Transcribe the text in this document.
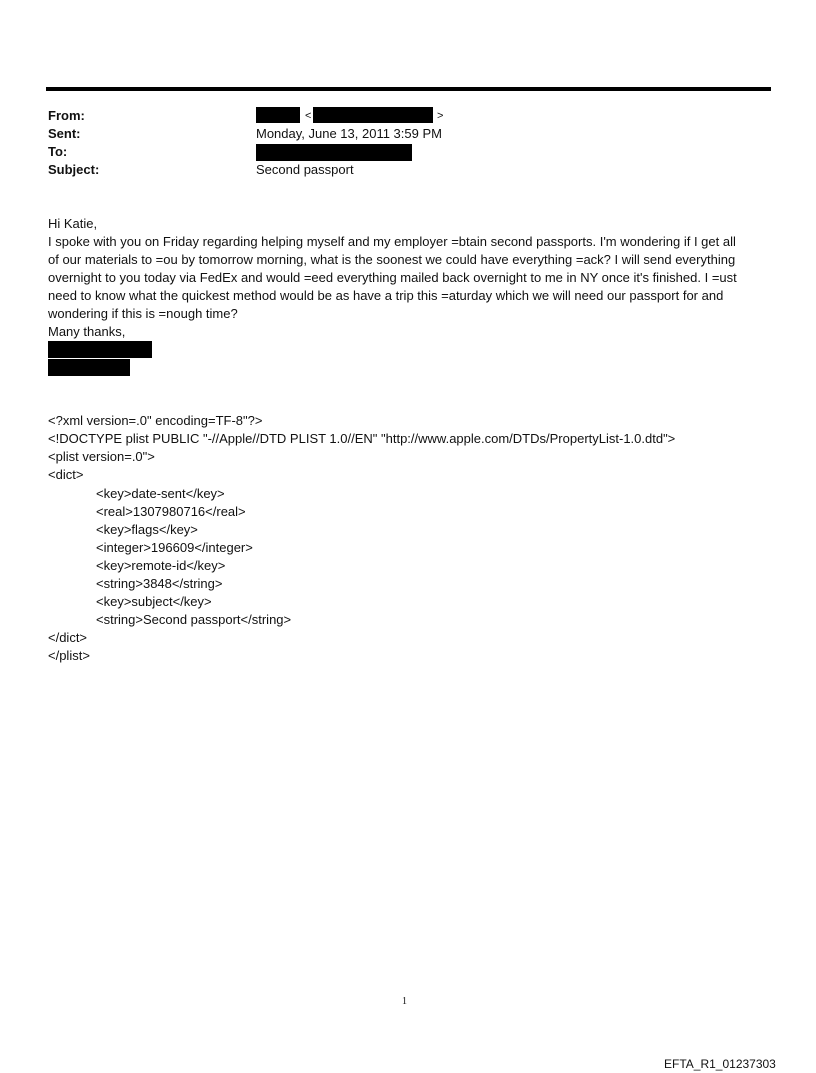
From:
Sent:
To:
Subject:
<	>
Monday, June 13, 2011 3:59 PM
Second passport
Hi Katie,
I spoke with you on Friday regarding helping myself and my employer =btain second passports. I'm wondering if I get all
of our materials to =ou by tomorrow morning, what is the soonest we could have everything =ack? I will send everything
overnight to you today via FedEx and would =eed everything mailed back overnight to me in NY once it's finished. I =ust
need to know what the quickest method would be as have a trip this =aturday which we will need our passport for and
wondering if this is =nough time?
Many thanks,
<?xml version=.0" encoding=TF-8"?>
<!DOCTYPE plist PUBLIC "-//Apple//DTD PLIST 1.0//EN" "http://www.apple.com/DTDs/PropertyList-1.0.dtd">
<plist version=.0">
<dict>
<key>date-sent</key>
<real>1307980716</real>
<key>flags</key>
<integer>196609</integer>
<key>remote-id</key>
<string>3848</string>
<key>subject</key>
<string>Second passport</string>
</dict>
</plist>
1
EFTA_R1_01237303
